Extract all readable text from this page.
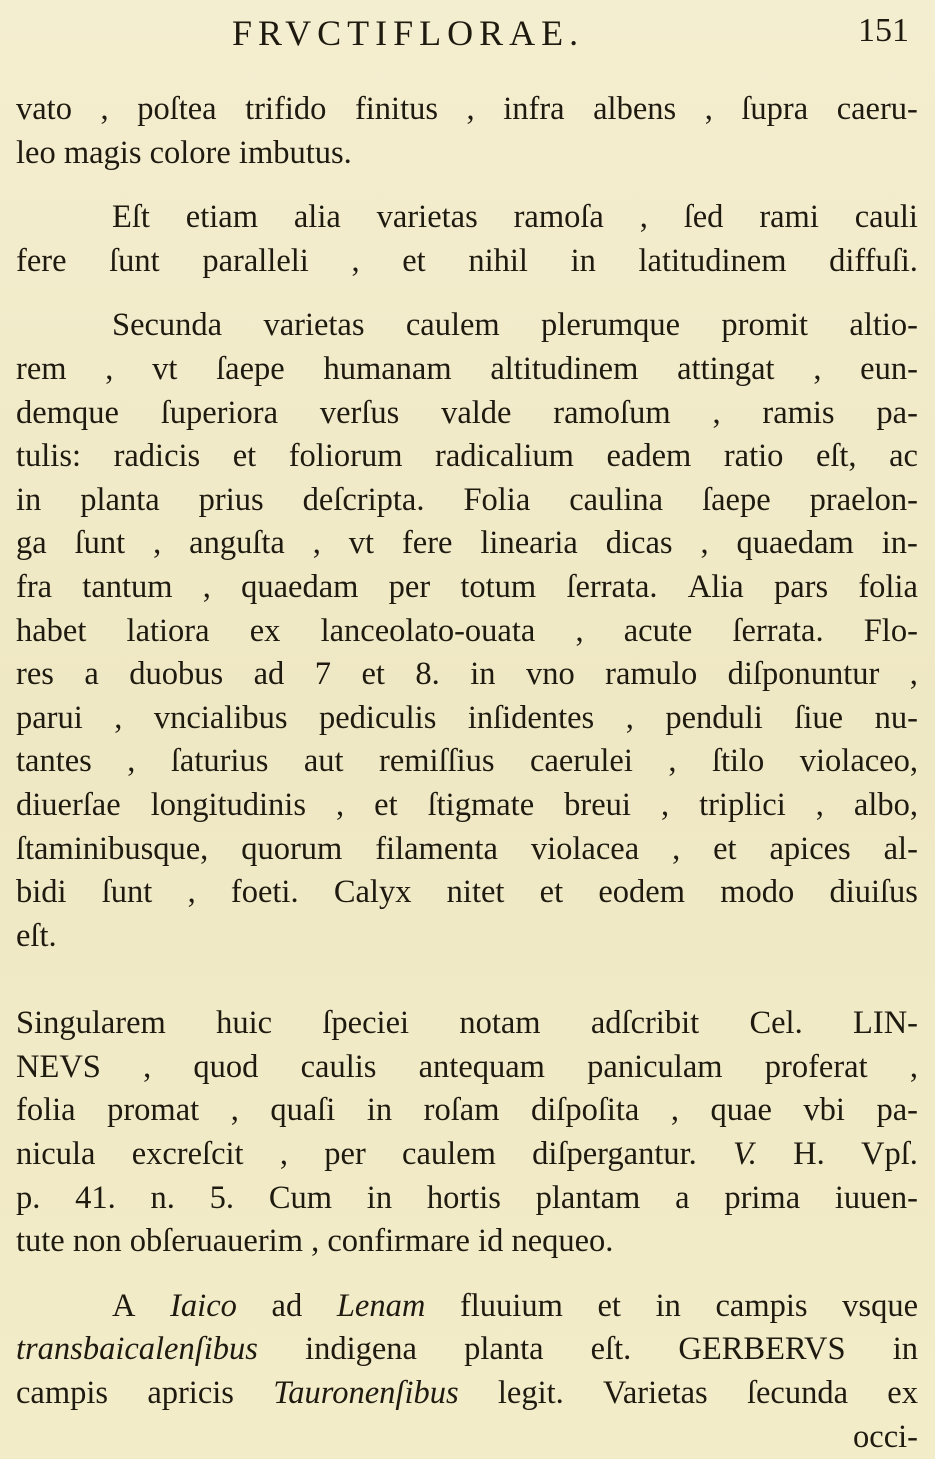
FRVCTIFLORAE.	151
vato , poſtea trifido finitus , infra albens , ſupra caeru-
leo magis colore imbutus.
Eſt etiam alia varietas ramoſa , ſed rami cauli
fere ſunt paralleli , et nihil in latitudinem diffuſi.
Secunda varietas caulem plerumque promit altio-
rem , vt ſaepe humanam altitudinem attingat , eun-
demque ſuperiora verſus valde ramoſum , ramis pa-
tulis: radicis et foliorum radicalium eadem ratio eſt, ac
in planta prius deſcripta. Folia caulina ſaepe praelon-
ga ſunt , anguſta , vt fere linearia dicas , quaedam in-
fra tantum , quaedam per totum ſerrata. Alia pars folia
habet latiora ex lanceolato-ouata , acute ſerrata. Flo-
res a duobus ad 7 et 8. in vno ramulo diſponuntur ,
parui , vncialibus pediculis inſidentes , penduli ſiue nu-
tantes , ſaturius aut remiſſius caerulei , ſtilo violaceo,
diuerſae longitudinis , et ſtigmate breui , triplici , albo,
ſtaminibusque, quorum filamenta violacea , et apices al-
bidi ſunt , foeti. Calyx nitet et eodem modo diuiſus
eſt.
Singularem huic ſpeciei notam adſcribit Cel. LIN-
NEVS , quod caulis antequam paniculam proferat ,
folia promat , quaſi in roſam diſpoſita , quae vbi pa-
nicula excreſcit , per caulem diſpergantur. V. H. Vpſ.
p. 41. n. 5. Cum in hortis plantam a prima iuuen-
tute non obſeruauerim , confirmare id nequeo.
A Iaico ad Lenam fluuium et in campis vsque
transbaicalenſibus indigena planta eſt. GERBERVS in
campis apricis Tauronenſibus legit. Varietas ſecunda ex
occi-
